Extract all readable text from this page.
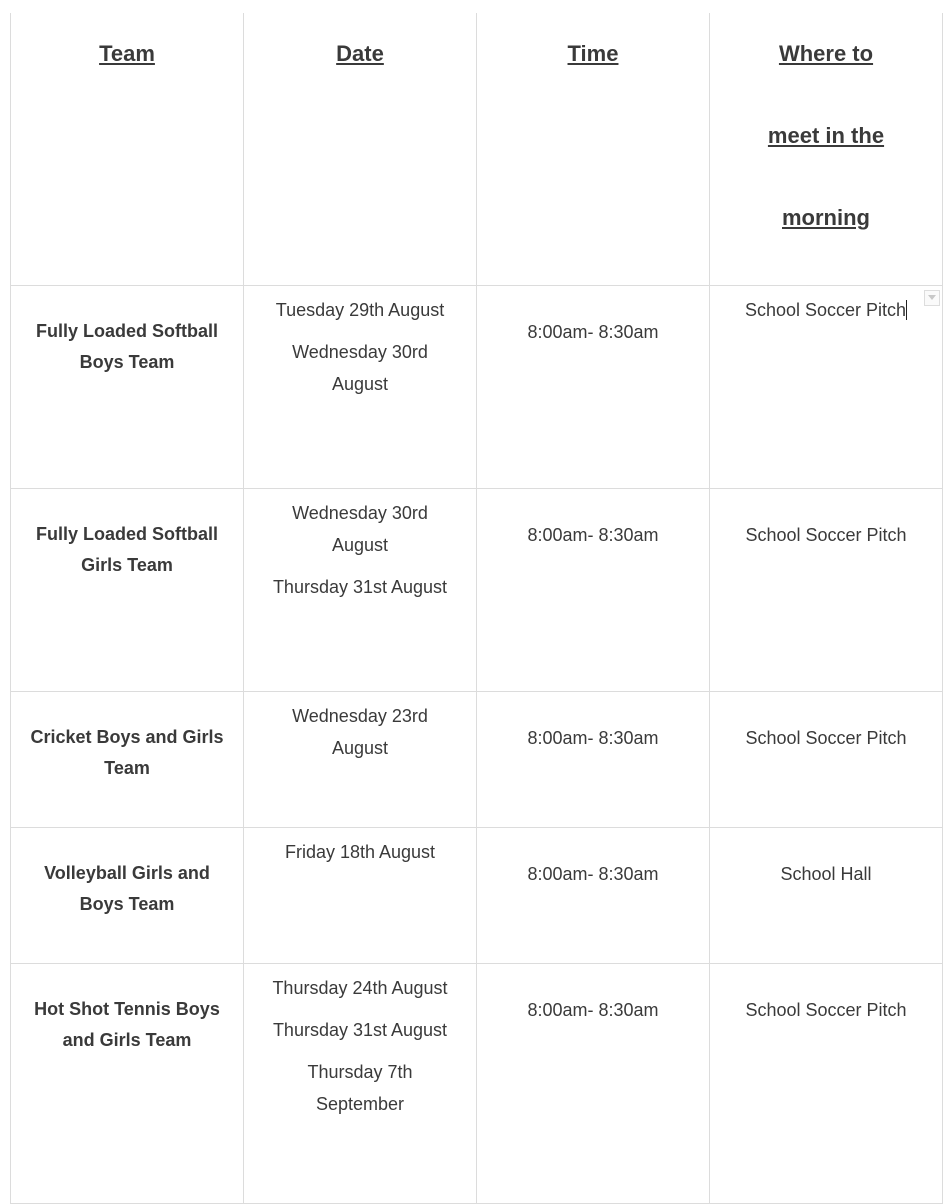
Team	Date	Time	Where to
meet in the
morning

Fully Loaded Softball
Boys Team	Tuesday 29th August
Wednesday 30rd
August	8:00am- 8:30am	School Soccer Pitch

Fully Loaded Softball
Girls Team	Wednesday 30rd
August
Thursday 31st August	8:00am- 8:30am	School Soccer Pitch

Cricket Boys and Girls
Team	Wednesday 23rd
August	8:00am- 8:30am	School Soccer Pitch

Volleyball Girls and
Boys Team	Friday 18th August	8:00am- 8:30am	School Hall

Hot Shot Tennis Boys
and Girls Team	Thursday 24th August
Thursday 31st August
Thursday 7th
September	8:00am- 8:30am	School Soccer Pitch
